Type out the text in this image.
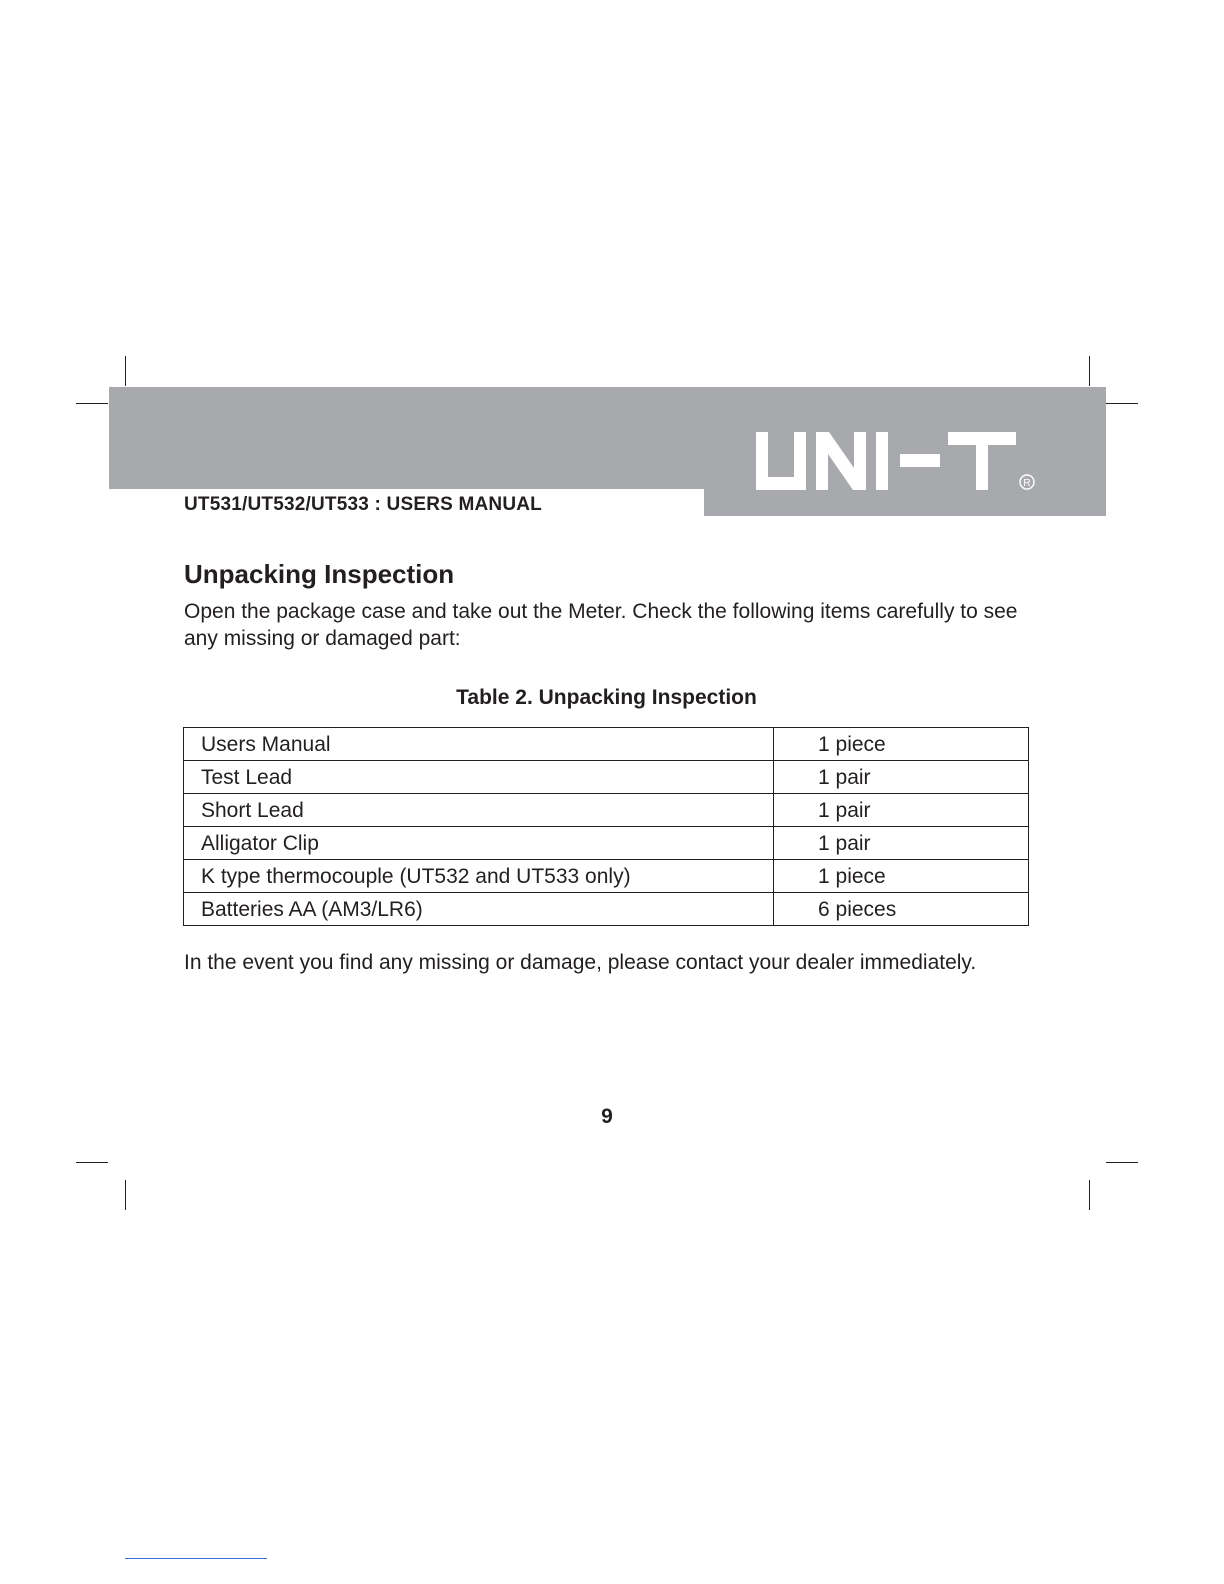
R
UT531/UT532/UT533 : USERS MANUAL
Unpacking Inspection

Open the package case and take out the Meter. Check the following items carefully to see any missing or damaged part:

Table 2. Unpacking Inspection
Users Manual	1 piece
Test Lead	1 pair
Short Lead	1 pair
Alligator Clip	1 pair
K type thermocouple (UT532 and UT533 only)	1 piece
Batteries AA (AM3/LR6)	6 pieces

In the event you find any missing or damage, please contact your dealer immediately.

9
